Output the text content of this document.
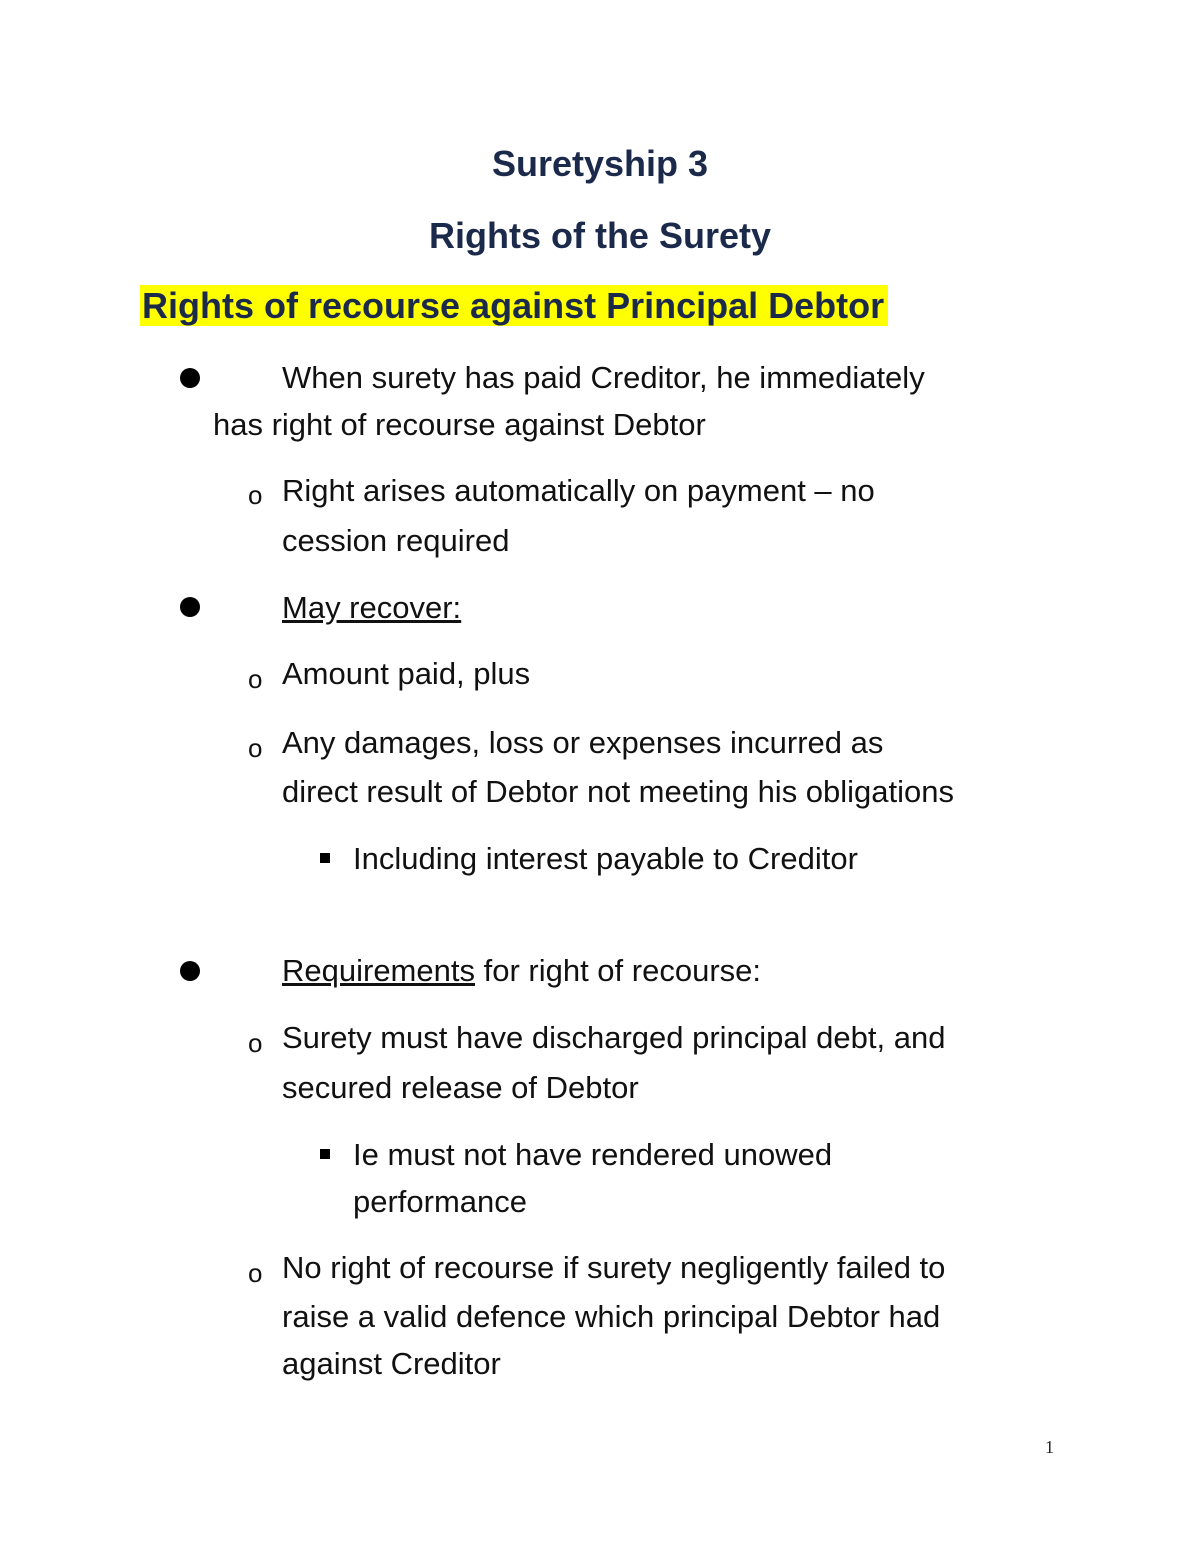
Suretyship 3
Rights of the Surety
Rights of recourse against Principal Debtor

When surety has paid Creditor, he immediately

has right of recourse against Debtor

o Right arises automatically on payment – no

cession required

May recover:

o Amount paid, plus

o Any damages, loss or expenses incurred as

direct result of Debtor not meeting his obligations

Including interest payable to Creditor

Requirements for right of recourse:

o Surety must have discharged principal debt, and

secured release of Debtor

Ie must not have rendered unowed

performance

o No right of recourse if surety negligently failed to

raise a valid defence which principal Debtor had

against Creditor

1
